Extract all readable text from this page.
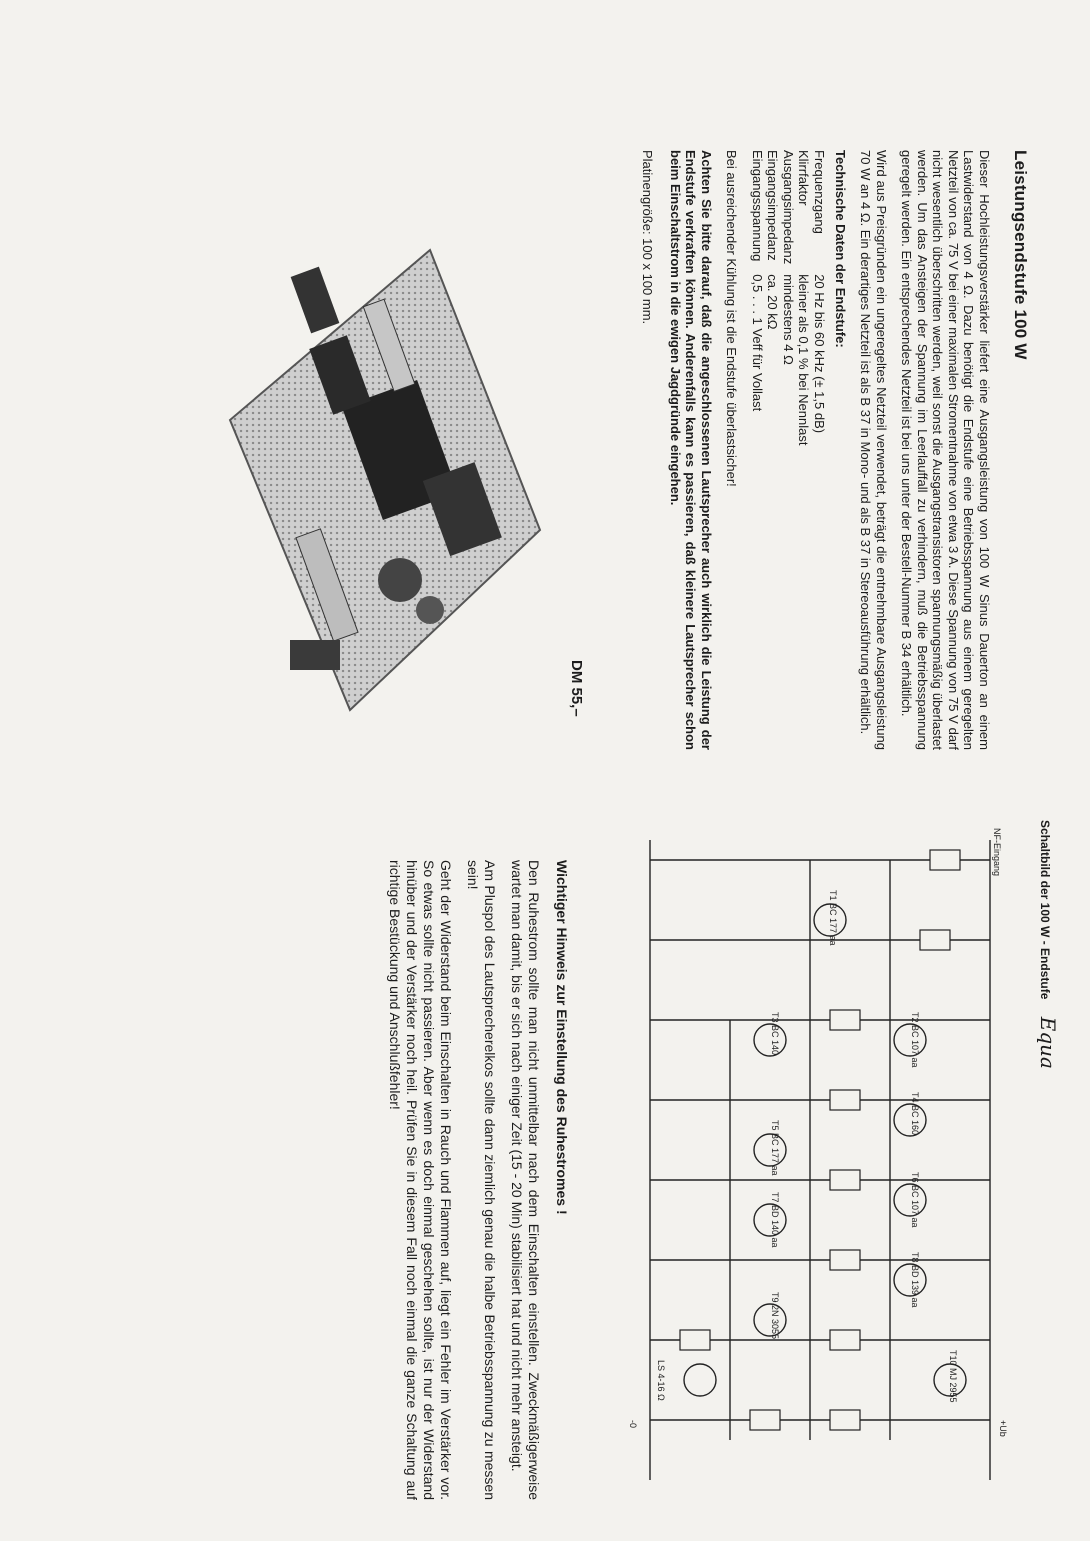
Leistungsendstufe 100 W

Dieser Hochleistungsverstärker liefert eine Ausgangsleistung von 100 W Sinus Dauerton an einem Lastwiderstand von 4 Ω. Dazu benötigt die Endstufe eine Betriebsspannung aus einem geregelten Netzteil von ca. 75 V bei einer maximalen Stromentnahme von etwa 3 A. Diese Spannung von 75 V darf nicht wesentlich überschritten werden, weil sonst die Ausgangstransistoren spannungsmäßig überlastet werden. Um das Ansteigen der Spannung im Leerlauffall zu verhindern, muß die Betriebsspannung geregelt werden. Ein entsprechendes Netzteil ist bei uns unter der Bestell-Nummer B 34 erhältlich.

Wird aus Preisgründen ein ungeregeltes Netzteil verwendet, beträgt die entnehmbare Ausgangsleistung 70 W an 4 Ω. Ein derartiges Netzteil ist als B 37 in Mono- und als B 37 in Stereoausführung erhältlich.

Technische Daten der Endstufe:
Frequenzgang	20 Hz bis 60 kHz (± 1,5 dB)
Klirrfaktor	kleiner als 0,1 % bei Nennlast
Ausgangsimpedanz	mindestens 4 Ω
Eingangsimpedanz	ca. 20 kΩ
Eingangsspannung	0,5 . . . 1 Veff für Vollast

Bei ausreichender Kühlung ist die Endstufe überlastsicher!

Achten Sie bitte darauf, daß die angeschlossenen Lautsprecher auch wirklich die Leistung der Endstufe verkraften können. Anderenfalls kann es passieren, daß kleinere Lautsprecher schon beim Einschaltstrom in die ewigen Jagdgründe eingehen.

Platinengröße: 100 x 100 mm.
DM 55,–
Schaltbild der 100 W - Endstufe Equa
NF-Eingang
+Ub
-0
LS 4-16 Ω
T1 BC 177 aa
T2 BC 107 aa
T3 BC 140
T4 BC 160
T5 BC 177 aa
T6 BC 107 aa
T7 BD 140 aa
T8 BD 139 aa
T9 2N 3055
T10 MJ 2955
Wichtiger Hinweis zur Einstellung des Ruhestromes !

Den Ruhestrom sollte man nicht unmittelbar nach dem Einschalten einstellen. Zweckmäßigerweise wartet man damit, bis er sich nach einiger Zeit (15 - 20 Min) stabilisiert hat und nicht mehr ansteigt.

Am Pluspol des Lautsprecherelkos sollte dann ziemlich genau die halbe Betriebsspannung zu messen sein!

Geht der Widerstand beim Einschalten in Rauch und Flammen auf, liegt ein Fehler im Verstärker vor. So etwas sollte nicht passieren. Aber wenn es doch einmal geschehen sollte, ist nur der Widerstand hinüber und der Verstärker noch heil. Prüfen Sie in diesem Fall noch einmal die ganze Schaltung auf richtige Bestückung und Anschlußfehler!
